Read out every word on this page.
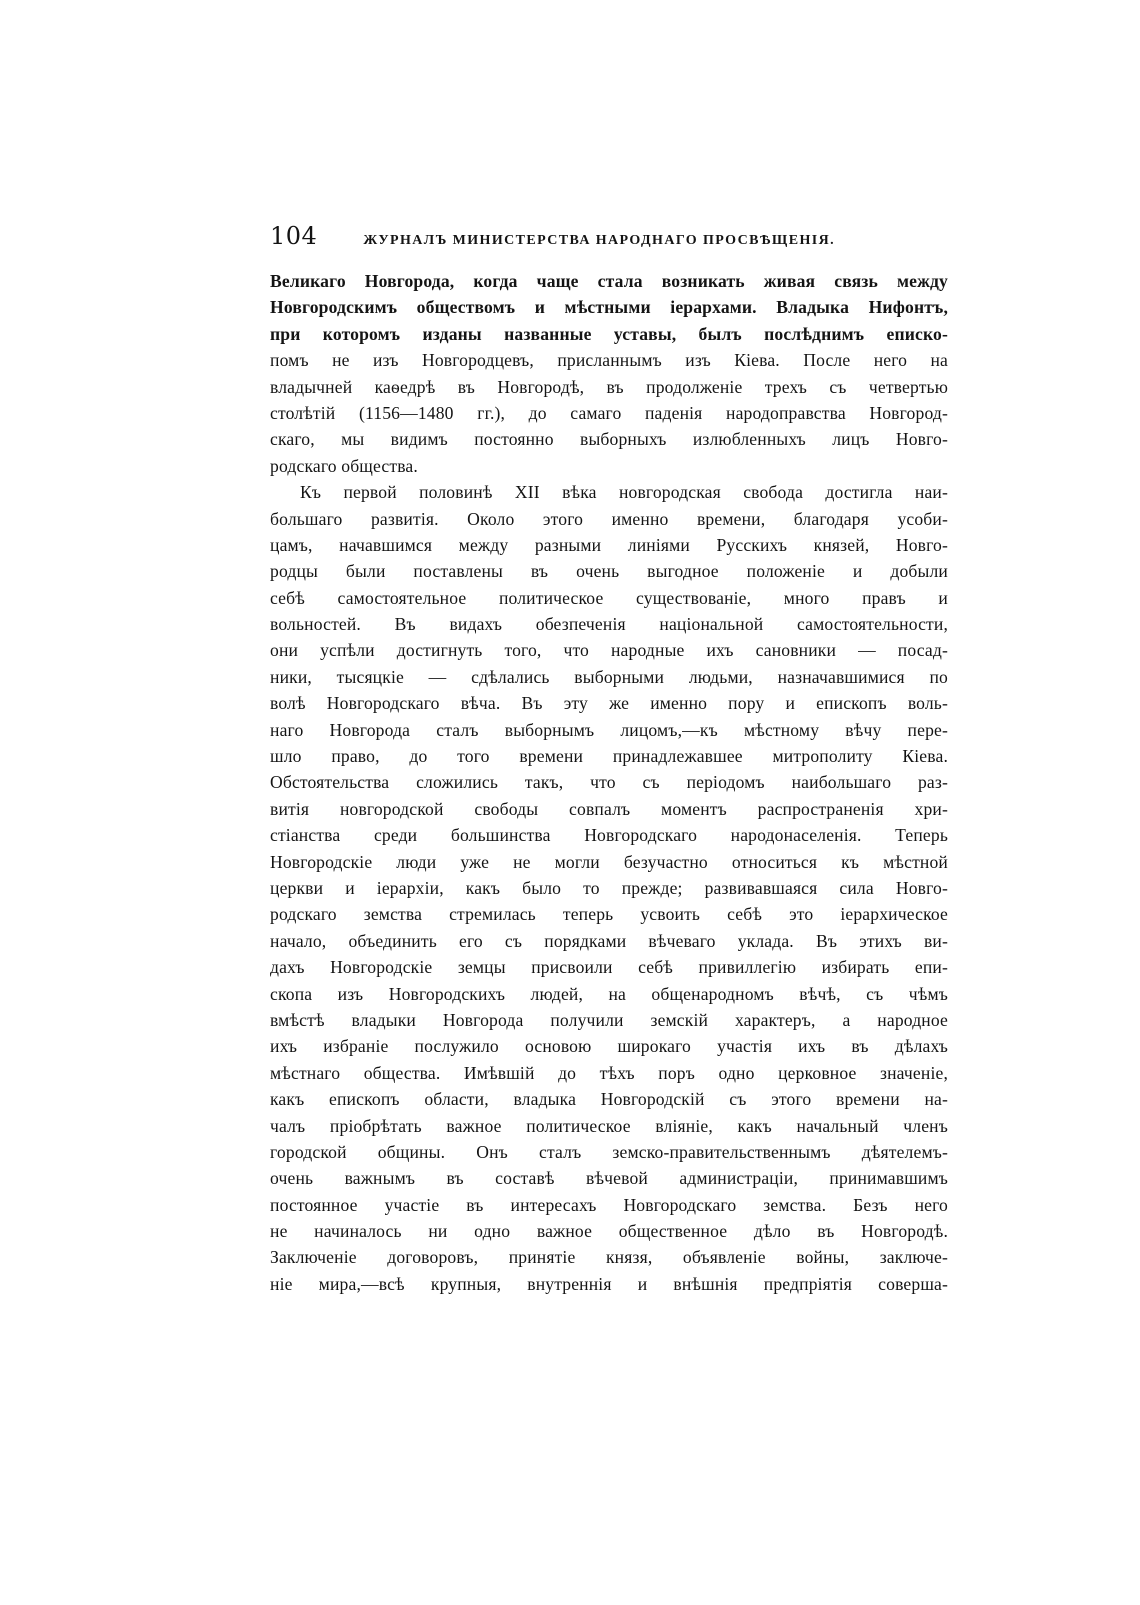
104	ЖУРНАЛЪ МИНИСТЕРСТВА НАРОДНАГО ПРОСВѢЩЕНІЯ.
Великаго Новгорода, когда чаще стала возникать живая связь между
Новгородскимъ обществомъ и мѣстными іерархами. Владыка Нифонтъ,
при которомъ изданы названные уставы, былъ послѣднимъ еписко-
помъ не изъ Новгородцевъ, присланнымъ изъ Кіева. После него на
владычней каѳедрѣ въ Новгородѣ, въ продолженіе трехъ съ четвертью
столѣтій (1156—1480 гг.), до самаго паденія народоправства Новгород-
скаго, мы видимъ постоянно выборныхъ излюбленныхъ лицъ Новго-
родскаго общества.
Къ первой половинѣ XII вѣка новгородская свобода достигла наи-
большаго развитія. Около этого именно времени, благодаря усоби-
цамъ, начавшимся между разными линіями Русскихъ князей, Новго-
родцы были поставлены въ очень выгодное положеніе и добыли
себѣ самостоятельное политическое существованіе, много правъ и
вольностей. Въ видахъ обезпеченія національной самостоятельности,
они успѣли достигнуть того, что народные ихъ сановники — посад-
ники, тысяцкіе — сдѣлались выборными людьми, назначавшимися по
волѣ Новгородскаго вѣча. Въ эту же именно пору и епископъ воль-
наго Новгорода сталъ выборнымъ лицомъ,—къ мѣстному вѣчу пере-
шло право, до того времени принадлежавшее митрополиту Кіева.
Обстоятельства сложились такъ, что съ періодомъ наибольшаго раз-
витія новгородской свободы совпалъ моментъ распространенія хри-
стіанства среди большинства Новгородскаго народонаселенія. Теперь
Новгородскіе люди уже не могли безучастно относиться къ мѣстной
церкви и іерархіи, какъ было то прежде; развивавшаяся сила Новго-
родскаго земства стремилась теперь усвоить себѣ это іерархическое
начало, объединить его съ порядками вѣчеваго уклада. Въ этихъ ви-
дахъ Новгородскіе земцы присвоили себѣ привиллегію избирать епи-
скопа изъ Новгородскихъ людей, на общенародномъ вѣчѣ, съ чѣмъ
вмѣстѣ владыки Новгорода получили земскій характеръ, а народное
ихъ избраніе послужило основою широкаго участія ихъ въ дѣлахъ
мѣстнаго общества. Имѣвшій до тѣхъ поръ одно церковное значеніе,
какъ епископъ области, владыка Новгородскій съ этого времени на-
чалъ пріобрѣтать важное политическое вліяніе, какъ начальный членъ
городской общины. Онъ сталъ земско-правительственнымъ дѣятелемъ-
очень важнымъ въ составѣ вѣчевой администраціи, принимавшимъ
постоянное участіе въ интересахъ Новгородскаго земства. Безъ него
не начиналось ни одно важное общественное дѣло въ Новгородѣ.
Заключеніе договоровъ, принятіе князя, объявленіе войны, заключе-
ніе мира,—всѣ крупныя, внутреннія и внѣшнія предпріятія соверша-
